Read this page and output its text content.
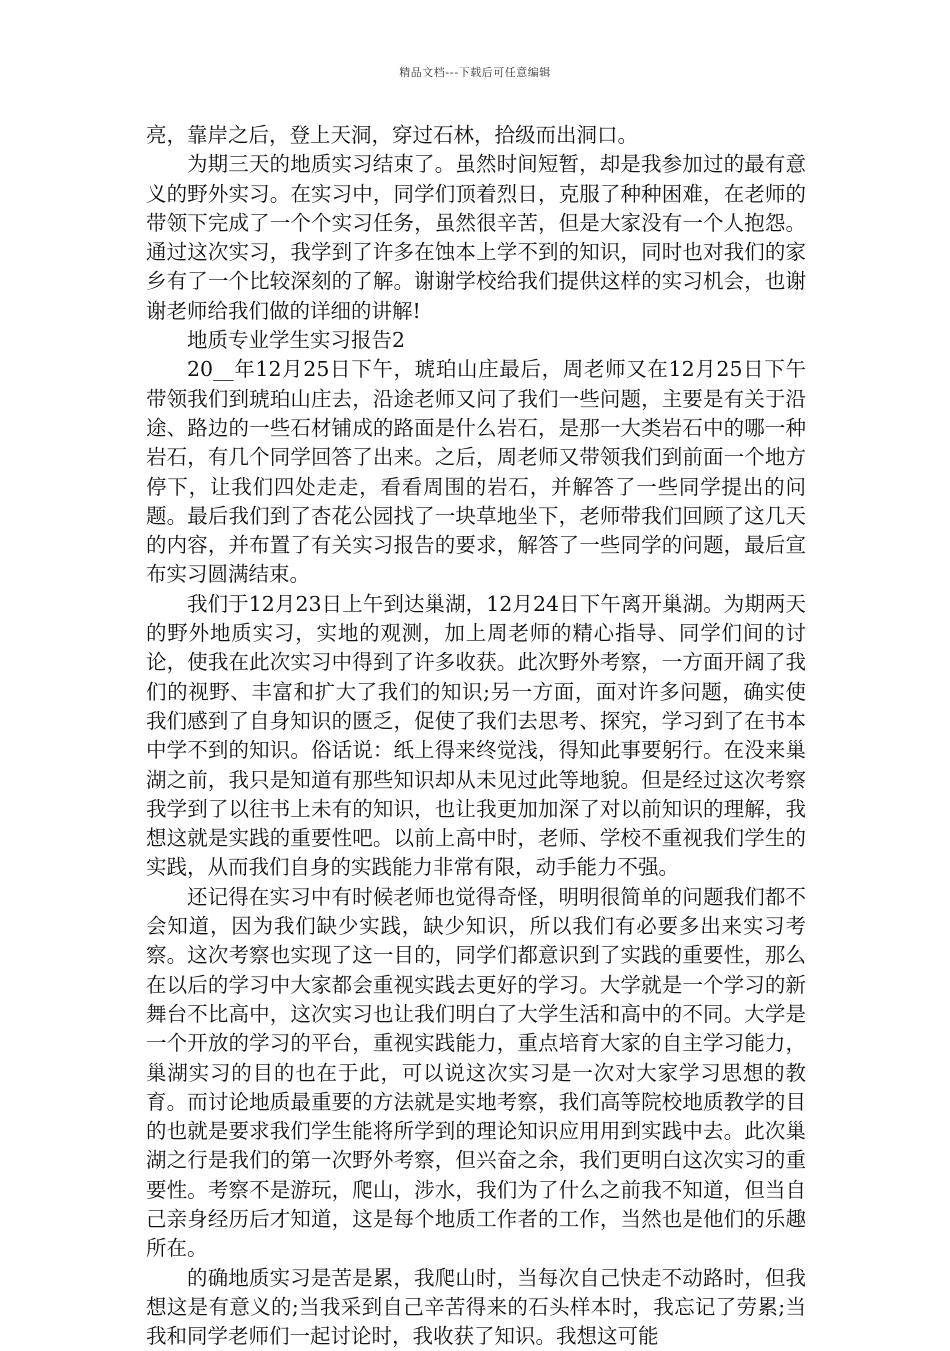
精品文档---下载后可任意编辑

亮，靠岸之后，登上天洞，穿过石林，拾级而出洞口。

为期三天的地质实习结束了。虽然时间短暂，却是我参加过的最有意义的野外实习。在实习中，同学们顶着烈日，克服了种种困难，在老师的带领下完成了一个个实习任务，虽然很辛苦，但是大家没有一个人抱怨。通过这次实习，我学到了许多在蚀本上学不到的知识，同时也对我们的家乡有了一个比较深刻的了解。谢谢学校给我们提供这样的实习机会，也谢谢老师给我们做的详细的讲解!

地质专业学生实习报告2

20__年12月25日下午，琥珀山庄最后，周老师又在12月25日下午带领我们到琥珀山庄去，沿途老师又问了我们一些问题，主要是有关于沿途、路边的一些石材铺成的路面是什么岩石，是那一大类岩石中的哪一种岩石，有几个同学回答了出来。之后，周老师又带领我们到前面一个地方停下，让我们四处走走，看看周围的岩石，并解答了一些同学提出的问题。最后我们到了杏花公园找了一块草地坐下，老师带我们回顾了这几天的内容，并布置了有关实习报告的要求，解答了一些同学的问题，最后宣布实习圆满结束。

我们于12月23日上午到达巢湖，12月24日下午离开巢湖。为期两天的野外地质实习，实地的观测，加上周老师的精心指导、同学们间的讨论，使我在此次实习中得到了许多收获。此次野外考察，一方面开阔了我们的视野、丰富和扩大了我们的知识;另一方面，面对许多问题，确实使我们感到了自身知识的匮乏，促使了我们去思考、探究，学习到了在书本中学不到的知识。俗话说：纸上得来终觉浅，得知此事要躬行。在没来巢湖之前，我只是知道有那些知识却从未见过此等地貌。但是经过这次考察我学到了以往书上未有的知识，也让我更加加深了对以前知识的理解，我想这就是实践的重要性吧。以前上高中时，老师、学校不重视我们学生的实践，从而我们自身的实践能力非常有限，动手能力不强。

还记得在实习中有时候老师也觉得奇怪，明明很简单的问题我们都不会知道，因为我们缺少实践，缺少知识，所以我们有必要多出来实习考察。这次考察也实现了这一目的，同学们都意识到了实践的重要性，那么在以后的学习中大家都会重视实践去更好的学习。大学就是一个学习的新舞台不比高中，这次实习也让我们明白了大学生活和高中的不同。大学是一个开放的学习的平台，重视实践能力，重点培育大家的自主学习能力，巢湖实习的目的也在于此，可以说这次实习是一次对大家学习思想的教育。而讨论地质最重要的方法就是实地考察，我们高等院校地质教学的目的也就是要求我们学生能将所学到的理论知识应用用到实践中去。此次巢湖之行是我们的第一次野外考察，但兴奋之余，我们更明白这次实习的重要性。考察不是游玩，爬山，涉水，我们为了什么之前我不知道，但当自己亲身经历后才知道，这是每个地质工作者的工作，当然也是他们的乐趣所在。

的确地质实习是苦是累，我爬山时，当每次自己快走不动路时，但我想这是有意义的;当我采到自己辛苦得来的石头样本时，我忘记了劳累;当我和同学老师们一起讨论时，我收获了知识。我想这可能
